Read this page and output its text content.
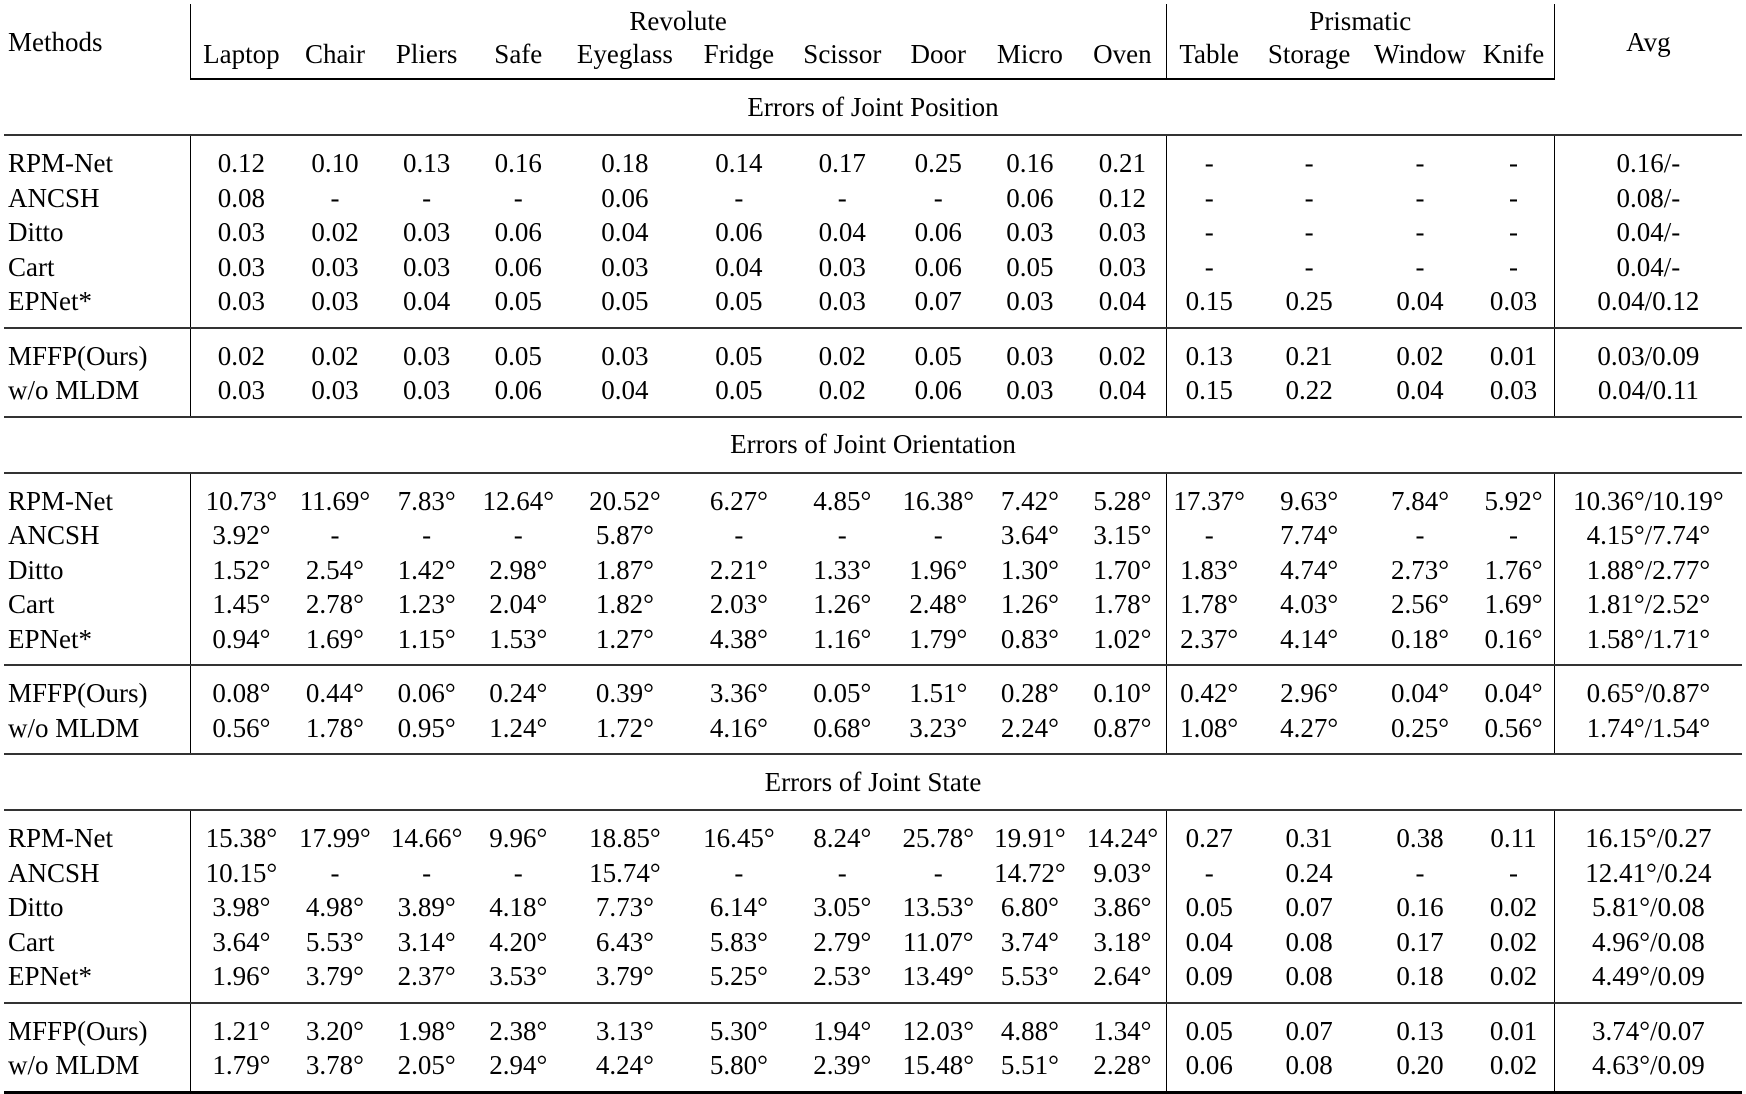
Methods	Revolute										Prismatic				Avg
	Laptop	Chair	Pliers	Safe	Eyeglass	Fridge	Scissor	Door	Micro	Oven	Table	Storage	Window	Knife	
Errors of Joint Position															
RPM-Net	0.12	0.10	0.13	0.16	0.18	0.14	0.17	0.25	0.16	0.21	-	-	-	-	0.16/-
ANCSH	0.08	-	-	-	0.06	-	-	-	0.06	0.12	-	-	-	-	0.08/-
Ditto	0.03	0.02	0.03	0.06	0.04	0.06	0.04	0.06	0.03	0.03	-	-	-	-	0.04/-
Cart	0.03	0.03	0.03	0.06	0.03	0.04	0.03	0.06	0.05	0.03	-	-	-	-	0.04/-
EPNet*	0.03	0.03	0.04	0.05	0.05	0.05	0.03	0.07	0.03	0.04	0.15	0.25	0.04	0.03	0.04/0.12
MFFP(Ours)	0.02	0.02	0.03	0.05	0.03	0.05	0.02	0.05	0.03	0.02	0.13	0.21	0.02	0.01	0.03/0.09
w/o MLDM	0.03	0.03	0.03	0.06	0.04	0.05	0.02	0.06	0.03	0.04	0.15	0.22	0.04	0.03	0.04/0.11
Errors of Joint Orientation															
RPM-Net	10.73°	11.69°	7.83°	12.64°	20.52°	6.27°	4.85°	16.38°	7.42°	5.28°	17.37°	9.63°	7.84°	5.92°	10.36°/10.19°
ANCSH	3.92°	-	-	-	5.87°	-	-	-	3.64°	3.15°	-	7.74°	-	-	4.15°/7.74°
Ditto	1.52°	2.54°	1.42°	2.98°	1.87°	2.21°	1.33°	1.96°	1.30°	1.70°	1.83°	4.74°	2.73°	1.76°	1.88°/2.77°
Cart	1.45°	2.78°	1.23°	2.04°	1.82°	2.03°	1.26°	2.48°	1.26°	1.78°	1.78°	4.03°	2.56°	1.69°	1.81°/2.52°
EPNet*	0.94°	1.69°	1.15°	1.53°	1.27°	4.38°	1.16°	1.79°	0.83°	1.02°	2.37°	4.14°	0.18°	0.16°	1.58°/1.71°
MFFP(Ours)	0.08°	0.44°	0.06°	0.24°	0.39°	3.36°	0.05°	1.51°	0.28°	0.10°	0.42°	2.96°	0.04°	0.04°	0.65°/0.87°
w/o MLDM	0.56°	1.78°	0.95°	1.24°	1.72°	4.16°	0.68°	3.23°	2.24°	0.87°	1.08°	4.27°	0.25°	0.56°	1.74°/1.54°
Errors of Joint State															
RPM-Net	15.38°	17.99°	14.66°	9.96°	18.85°	16.45°	8.24°	25.78°	19.91°	14.24°	0.27	0.31	0.38	0.11	16.15°/0.27
ANCSH	10.15°	-	-	-	15.74°	-	-	-	14.72°	9.03°	-	0.24	-	-	12.41°/0.24
Ditto	3.98°	4.98°	3.89°	4.18°	7.73°	6.14°	3.05°	13.53°	6.80°	3.86°	0.05	0.07	0.16	0.02	5.81°/0.08
Cart	3.64°	5.53°	3.14°	4.20°	6.43°	5.83°	2.79°	11.07°	3.74°	3.18°	0.04	0.08	0.17	0.02	4.96°/0.08
EPNet*	1.96°	3.79°	2.37°	3.53°	3.79°	5.25°	2.53°	13.49°	5.53°	2.64°	0.09	0.08	0.18	0.02	4.49°/0.09
MFFP(Ours)	1.21°	3.20°	1.98°	2.38°	3.13°	5.30°	1.94°	12.03°	4.88°	1.34°	0.05	0.07	0.13	0.01	3.74°/0.07
w/o MLDM	1.79°	3.78°	2.05°	2.94°	4.24°	5.80°	2.39°	15.48°	5.51°	2.28°	0.06	0.08	0.20	0.02	4.63°/0.09
